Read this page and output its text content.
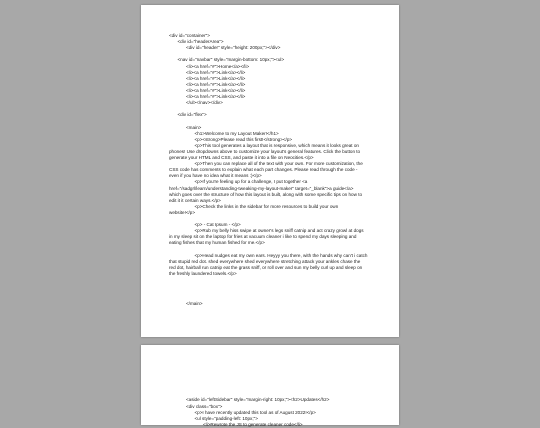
<div id="container">
<div id="headerArea">
<div id="header" style="height: 200px;"></div>
<nav id="navbar" style="margin-bottom: 10px;"><ul>
<li><a href="#">Home</a></li>
<li><a href="#">Link</a></li>
<li><a href="#">Link</a></li>
<li><a href="#">Link</a></li>
<li><a href="#">Link</a></li>
<li><a href="#">Link</a></li>
</ul></nav></div>
<div id="flex">
<main>
<h1>Welcome to my Layout Maker!</h1>
<p><strong>Please read this first!</strong></p>
<p>This tool generates a layout that is responsive, which means it looks great on
phones! Use dropdowns above to customize your layout's general features. Click the button to
generate your HTML and CSS, and paste it into a file on Neocities.</p>
<p>Then you can replace all of the text with your own. For more customization, the
CSS code has comments to explain what each part changes. Please read through the code -
even if you have no idea what it means :)</p>
<p>If you're feeling up for a challenge, I put together <a
href="/sadgrl/learn/understanding-tweaking-my-layout-maker" target="_blank">a guide</a>
which goes over the structure of how this layout is built, along with some specific tips on how to
edit it it certain ways.</p>
<p>Check the links in the sidebar for more resources to build your own
website!</p>
<p> - Cat Ipsum - </p>
<p>Rub my belly hiss swipe at owner's legs sniff catnip and act crazy growl at dogs
in my sleep sit on the laptop for fries at vacuum cleaner i like to spend my days sleeping and
eating fishes that my human fished for me.</p>
<p>Head nudges eat my own ears. Heyyy you there, with the hands why can't i catch
that stupid red dot. shed everywhere shed everywhere stretching attack your ankles chase the
red dot, hairball run catnip eat the grass sniff, or roll over and sun my belly curl up and sleep on
the freshly laundered towels.</p>
</main>
<aside id="leftSidebar" style="margin-right: 10px;"><h2>Updates</h2>
<div class="box">
<p>I have recently updated this tool as of August 2022!</p>
<ul style="padding-left: 10px;">
<li>Rewrote the JS to generate cleaner code</li>
